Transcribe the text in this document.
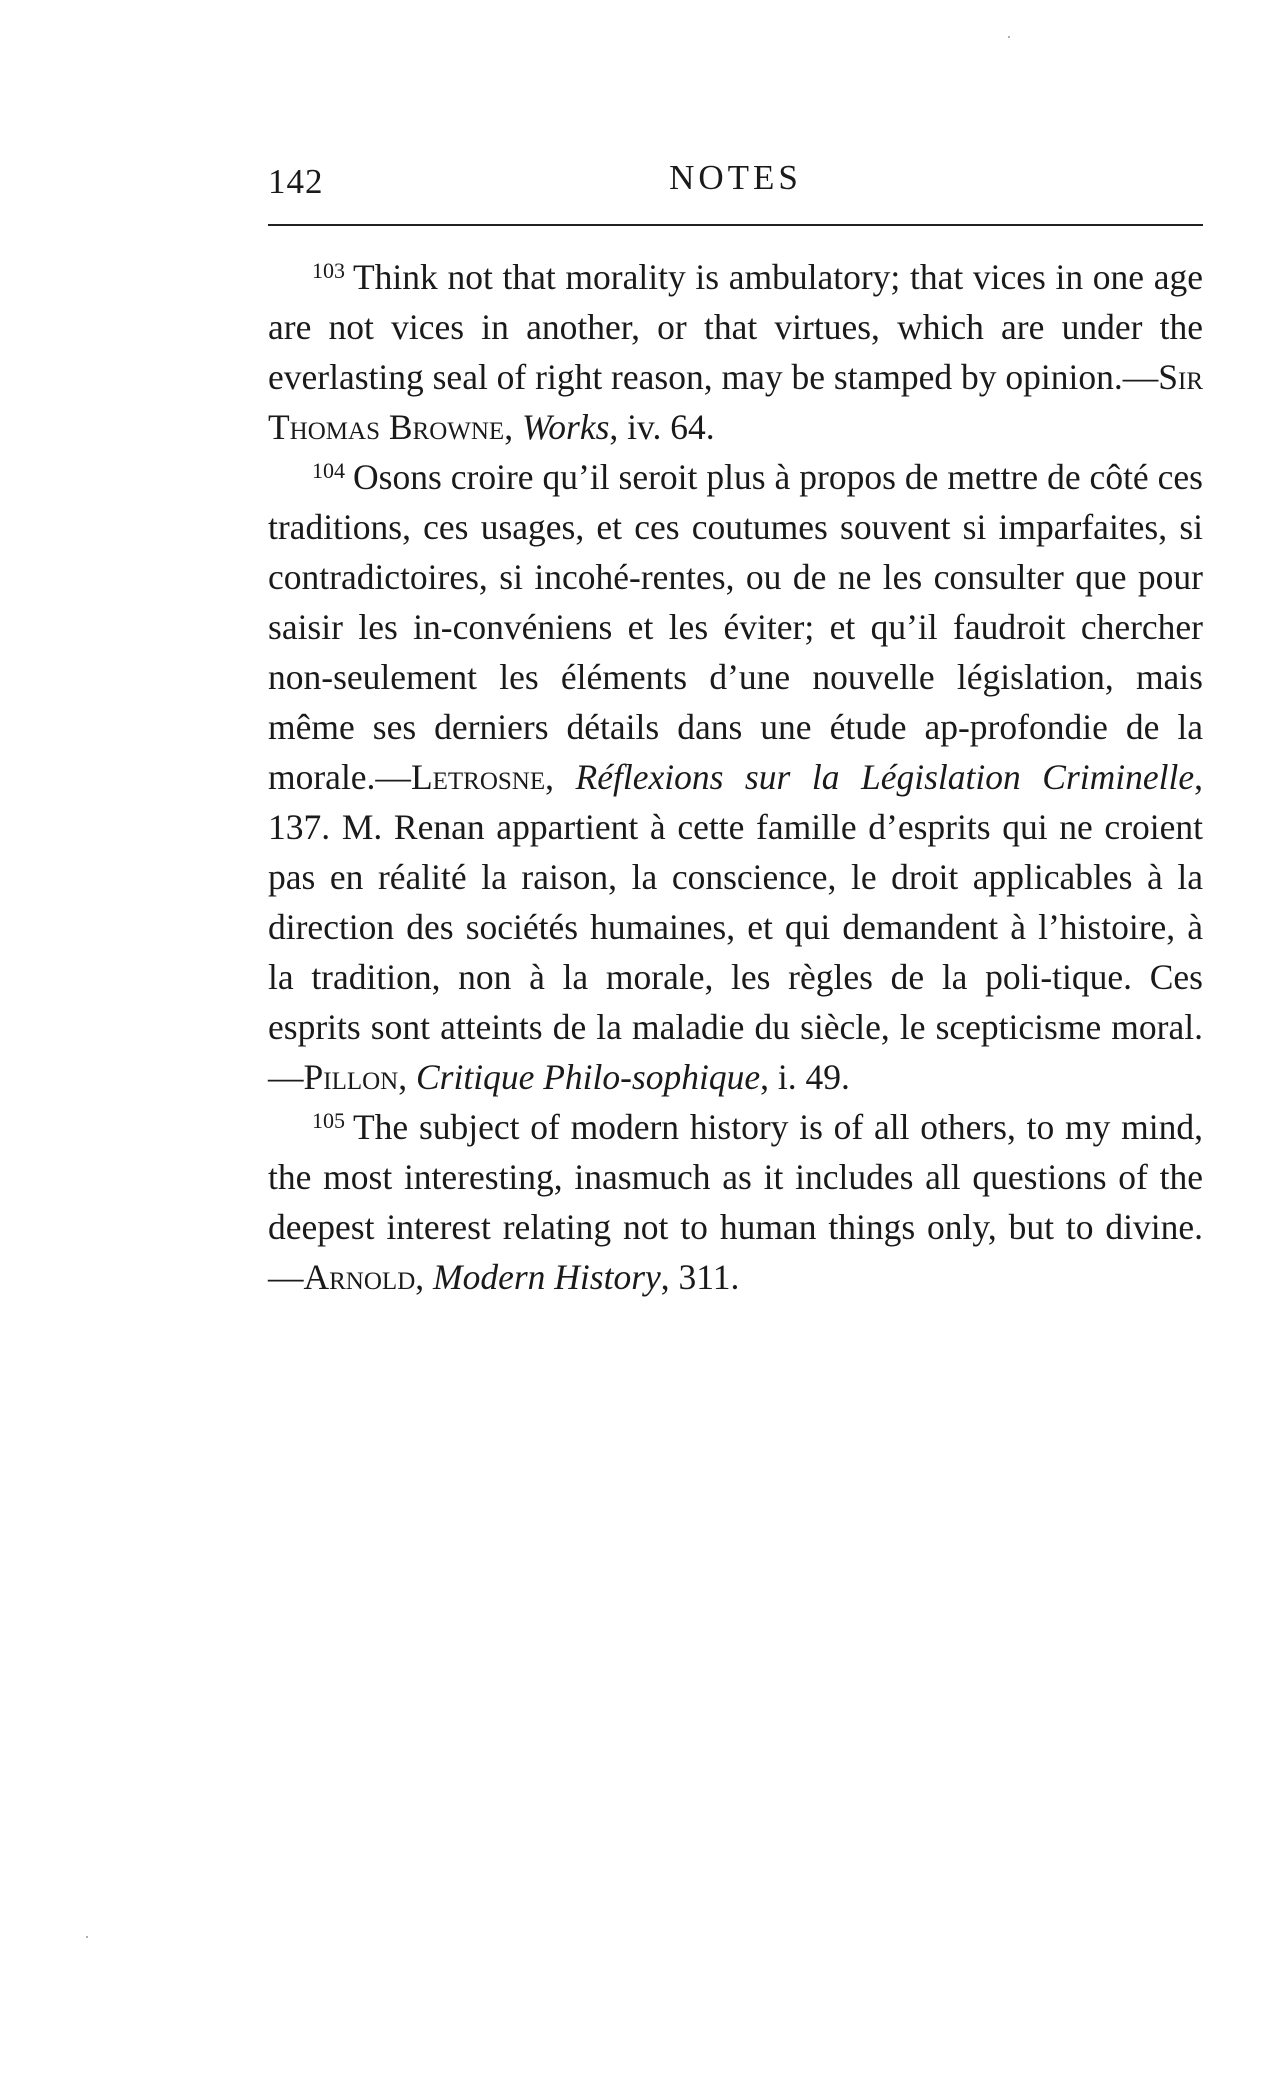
142	NOTES

$^{103}$ Think not that morality is ambulatory; that vices in one age are not vices in another, or that virtues, which are under the everlasting seal of right reason, may be stamped by opinion.—Sir Thomas Browne, Works, iv. 64.

$^{104}$ Osons croire qu’il seroit plus à propos de mettre de côté ces traditions, ces usages, et ces coutumes souvent si imparfaites, si contradictoires, si incohé-rentes, ou de ne les consulter que pour saisir les in-convéniens et les éviter; et qu’il faudroit chercher non-seulement les éléments d’une nouvelle législation, mais même ses derniers détails dans une étude ap-profondie de la morale.—Letrosne, Réflexions sur la Législation Criminelle, 137. M. Renan appartient à cette famille d’esprits qui ne croient pas en réalité la raison, la conscience, le droit applicables à la direction des sociétés humaines, et qui demandent à l’histoire, à la tradition, non à la morale, les règles de la poli-tique. Ces esprits sont atteints de la maladie du siècle, le scepticisme moral.—Pillon, Critique Philo-sophique, i. 49.

$^{105}$ The subject of modern history is of all others, to my mind, the most interesting, inasmuch as it includes all questions of the deepest interest relating not to human things only, but to divine.—Arnold, Modern History, 311.
